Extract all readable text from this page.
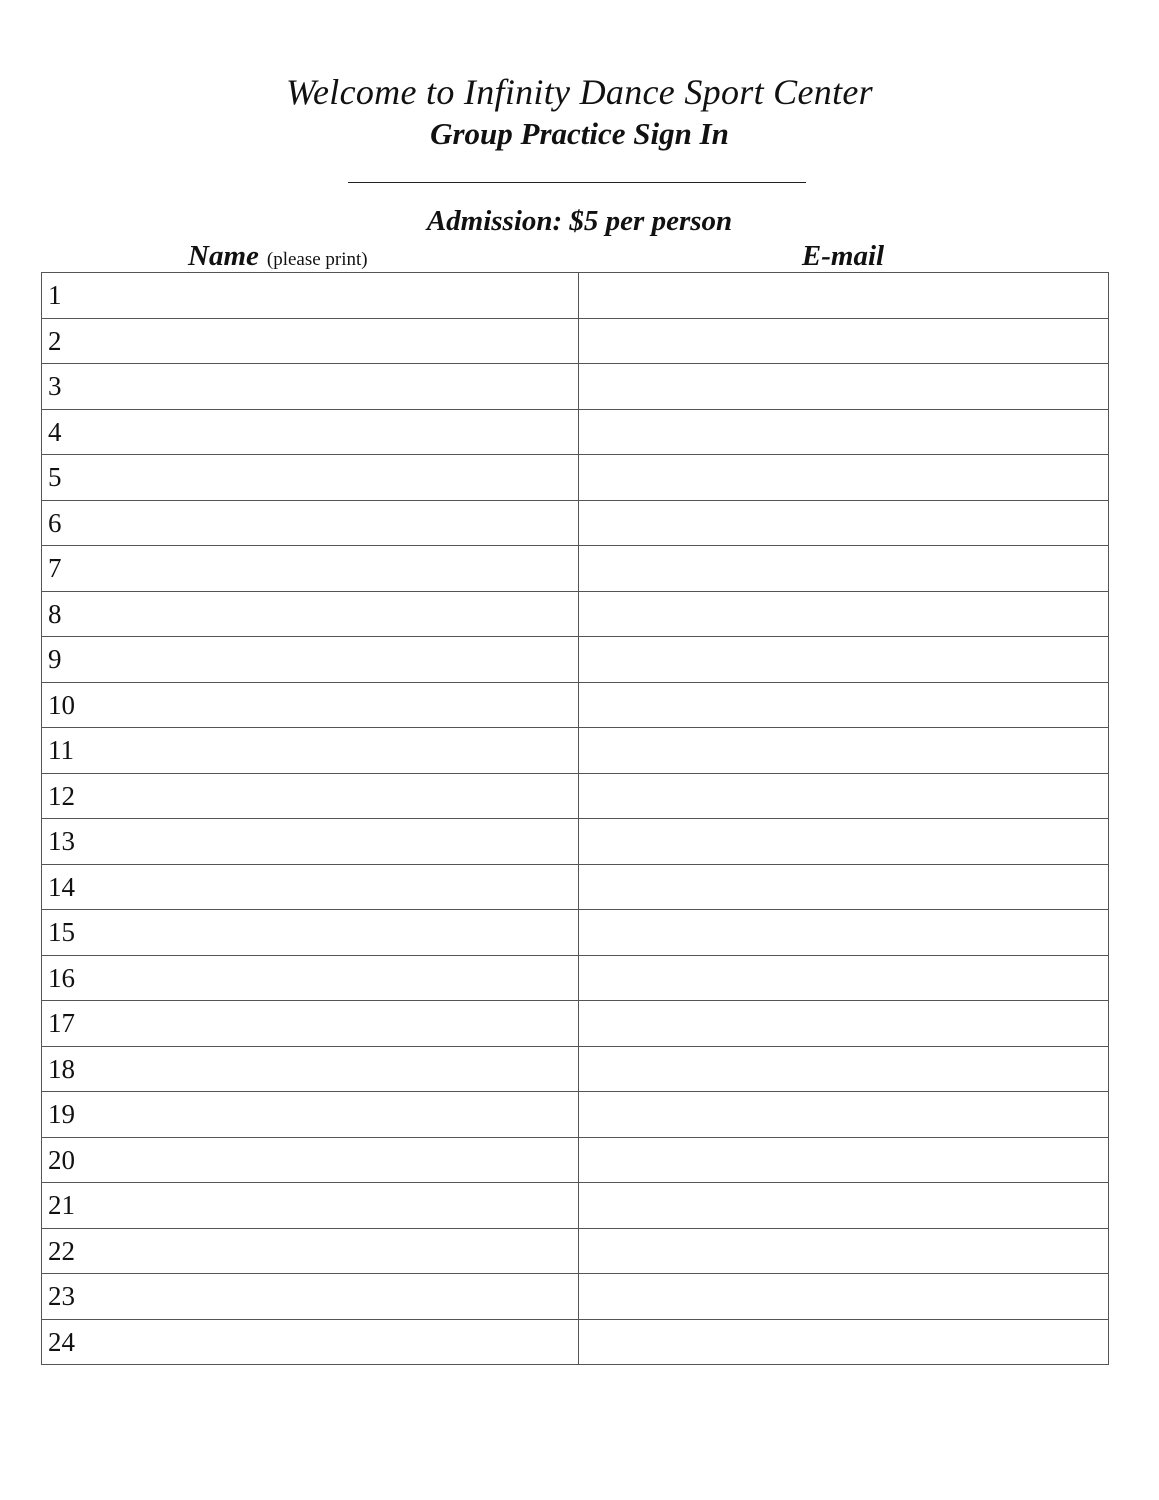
Welcome to Infinity Dance Sport Center
Group Practice Sign In
Admission: $5 per person
Name (please print)	E-mail
1	
2	
3	
4	
5	
6	
7	
8	
9	
10	
11	
12	
13	
14	
15	
16	
17	
18	
19	
20	
21	
22	
23	
24	
